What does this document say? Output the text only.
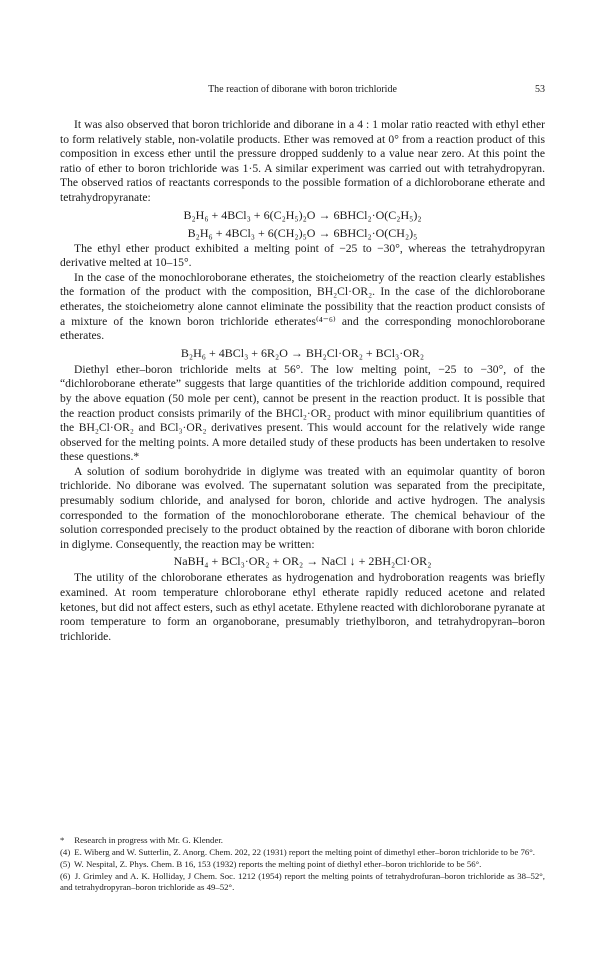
The reaction of diborane with boron trichloride	53

It was also observed that boron trichloride and diborane in a 4 : 1 molar ratio reacted with ethyl ether to form relatively stable, non-volatile products. Ether was removed at 0° from a reaction product of this composition in excess ether until the pressure dropped suddenly to a value near zero. At this point the ratio of ether to boron trichloride was 1·5. A similar experiment was carried out with tetrahydropyran. The observed ratios of reactants corresponds to the possible formation of a dichloroborane etherate and tetrahydropyranate:

B₂H₆ + 4BCl₃ + 6(C₂H₅)₂O → 6BHCl₂·O(C₂H₅)₂
B₂H₆ + 4BCl₃ + 6(CH₂)₅O → 6BHCl₂·O(CH₂)₅

The ethyl ether product exhibited a melting point of −25 to −30°, whereas the tetrahydropyran derivative melted at 10–15°.

In the case of the monochloroborane etherates, the stoicheiometry of the reaction clearly establishes the formation of the product with the composition, BH₂Cl·OR₂. In the case of the dichloroborane etherates, the stoicheiometry alone cannot eliminate the possibility that the reaction product consists of a mixture of the known boron trichloride etherates⁽⁴⁻⁶⁾ and the corresponding monochloroborane etherates.

B₂H₆ + 4BCl₃ + 6R₂O → BH₂Cl·OR₂ + BCl₃·OR₂

Diethyl ether–boron trichloride melts at 56°. The low melting point, −25 to −30°, of the “dichloroborane etherate” suggests that large quantities of the trichloride addition compound, required by the above equation (50 mole per cent), cannot be present in the reaction product. It is possible that the reaction product consists primarily of the BHCl₂·OR₂ product with minor equilibrium quantities of the BH₂Cl·OR₂ and BCl₃·OR₂ derivatives present. This would account for the relatively wide range observed for the melting points. A more detailed study of these products has been undertaken to resolve these questions.*

A solution of sodium borohydride in diglyme was treated with an equimolar quantity of boron trichloride. No diborane was evolved. The supernatant solution was separated from the precipitate, presumably sodium chloride, and analysed for boron, chloride and active hydrogen. The analysis corresponded to the formation of the monochloroborane etherate. The chemical behaviour of the solution corresponded precisely to the product obtained by the reaction of diborane with boron chloride in diglyme. Consequently, the reaction may be written:

NaBH₄ + BCl₃·OR₂ + OR₂ → NaCl ↓ + 2BH₂Cl·OR₂

The utility of the chloroborane etherates as hydrogenation and hydroboration reagents was briefly examined. At room temperature chloroborane ethyl etherate rapidly reduced acetone and related ketones, but did not affect esters, such as ethyl acetate. Ethylene reacted with dichloroborane pyranate at room temperature to form an organoborane, presumably triethylboron, and tetrahydropyran–boron trichloride.

* Research in progress with Mr. G. Klender.

(4) E. Wiberg and W. Sutterlin, Z. Anorg. Chem. 202, 22 (1931) report the melting point of dimethyl ether–boron trichloride to be 76°.

(5) W. Nespital, Z. Phys. Chem. B 16, 153 (1932) reports the melting point of diethyl ether–boron trichloride to be 56°.

(6) J. Grimley and A. K. Holliday, J Chem. Soc. 1212 (1954) report the melting points of tetrahydrofuran–boron trichloride as 38–52°, and tetrahydropyran–boron trichloride as 49–52°.
